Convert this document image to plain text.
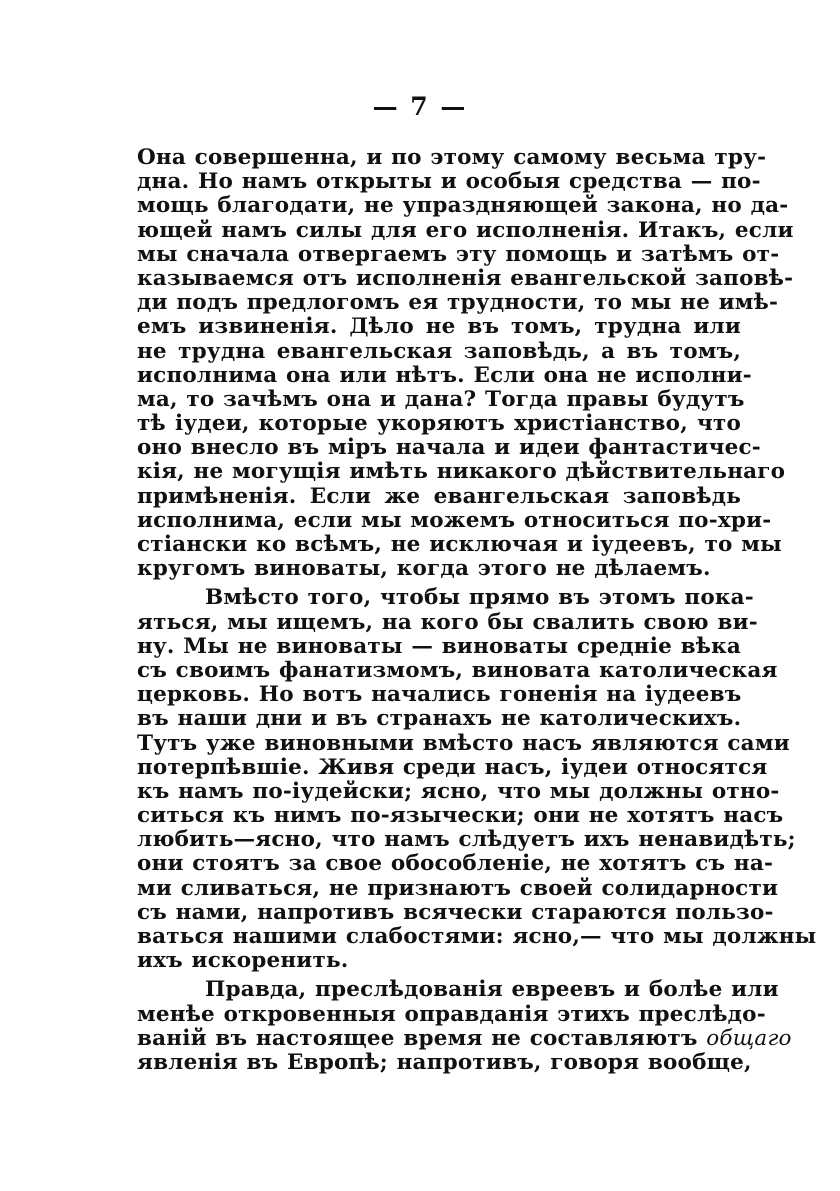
— 7 —
Она совершенна, и по этому самому весьма тру-
дна. Но намъ открыты и особыя средства — по-
мощь благодати, не упраздняющей закона, но да-
ющей намъ силы для его исполненія. Итакъ, если
мы сначала отвергаемъ эту помощь и затѣмъ от-
казываемся отъ исполненія евангельской заповѣ-
ди подъ предлогомъ ея трудности, то мы не имѣ-
емъ извиненія. Дѣло не въ томъ, трудна или
не трудна евангельская заповѣдь, а въ томъ,
исполнима она или нѣтъ. Если она не исполни-
ма, то зачѣмъ она и дана? Тогда правы будутъ
тѣ іудеи, которые укоряютъ христіанство, что
оно внесло въ міръ начала и идеи фантастичес-
кія, не могущія имѣть никакого дѣйствительнаго
примѣненія. Если же евангельская заповѣдь
исполнима, если мы можемъ относиться по-хри-
стіански ко всѣмъ, не исключая и іудеевъ, то мы
кругомъ виноваты, когда этого не дѣлаемъ.
Вмѣсто того, чтобы прямо въ этомъ пока-
яться, мы ищемъ, на кого бы свалить свою ви-
ну. Мы не виноваты — виноваты средніе вѣка
съ своимъ фанатизмомъ, виновата католическая
церковь. Но вотъ начались гоненія на іудеевъ
въ наши дни и въ странахъ не католическихъ.
Тутъ уже виновными вмѣсто насъ являются сами
потерпѣвшіе. Живя среди насъ, іудеи относятся
къ намъ по-іудейски; ясно, что мы должны отно-
ситься къ нимъ по-язычески; они не хотятъ насъ
любить—ясно, что намъ слѣдуетъ ихъ ненавидѣть;
они стоятъ за свое обособленіе, не хотятъ съ на-
ми сливаться, не признаютъ своей солидарности
съ нами, напротивъ всячески стараются пользо-
ваться нашими слабостями: ясно,— что мы должны
ихъ искоренить.
Правда, преслѣдованія евреевъ и болѣе или
менѣе откровенныя оправданія этихъ преслѣдо-
ваній въ настоящее время не составляютъ общаго
явленія въ Европѣ; напротивъ, говоря вообще,
